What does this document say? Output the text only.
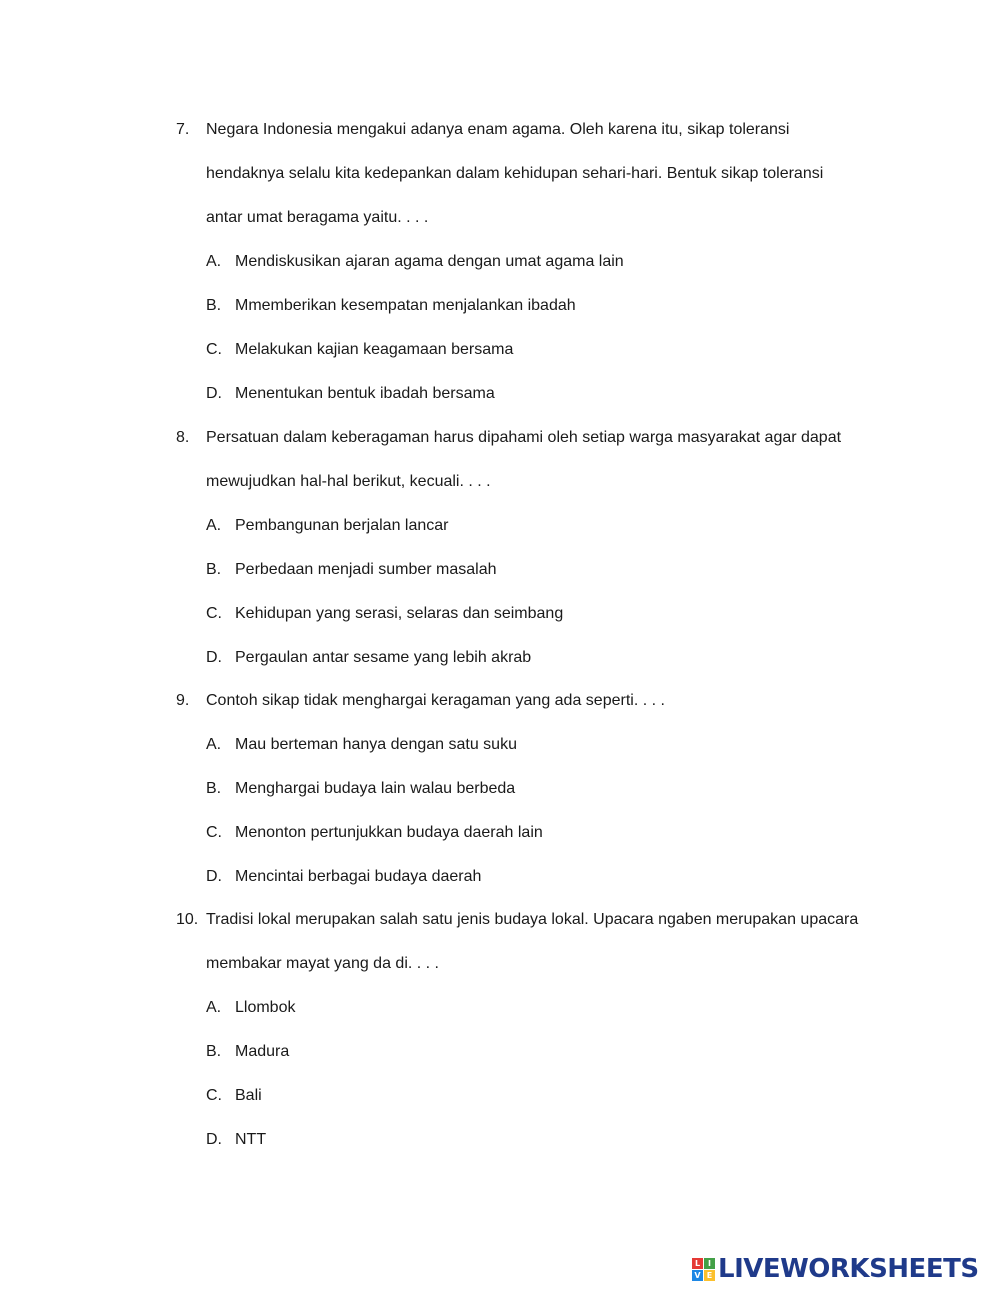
7. Negara Indonesia mengakui adanya enam agama. Oleh karena itu, sikap toleransi
hendaknya selalu kita kedepankan dalam kehidupan sehari-hari. Bentuk sikap toleransi
antar umat beragama yaitu. . . .
A. Mendiskusikan ajaran agama dengan umat agama lain
B. Mmemberikan kesempatan menjalankan ibadah
C. Melakukan kajian keagamaan bersama
D. Menentukan bentuk ibadah bersama
8. Persatuan dalam keberagaman harus dipahami oleh setiap warga masyarakat agar dapat
mewujudkan hal-hal berikut, kecuali. . . .
A. Pembangunan berjalan lancar
B. Perbedaan menjadi sumber masalah
C. Kehidupan yang serasi, selaras dan seimbang
D. Pergaulan antar sesame yang lebih akrab
9. Contoh sikap tidak menghargai keragaman yang ada seperti. . . .
A. Mau berteman hanya dengan satu suku
B. Menghargai budaya lain walau berbeda
C. Menonton pertunjukkan budaya daerah lain
D. Mencintai berbagai budaya daerah
10. Tradisi lokal merupakan salah satu jenis budaya lokal. Upacara ngaben merupakan upacara
membakar mayat yang da di. . . .
A. Llombok
B. Madura
C. Bali
D. NTT
L I
V E LIVEWORKSHEETS
